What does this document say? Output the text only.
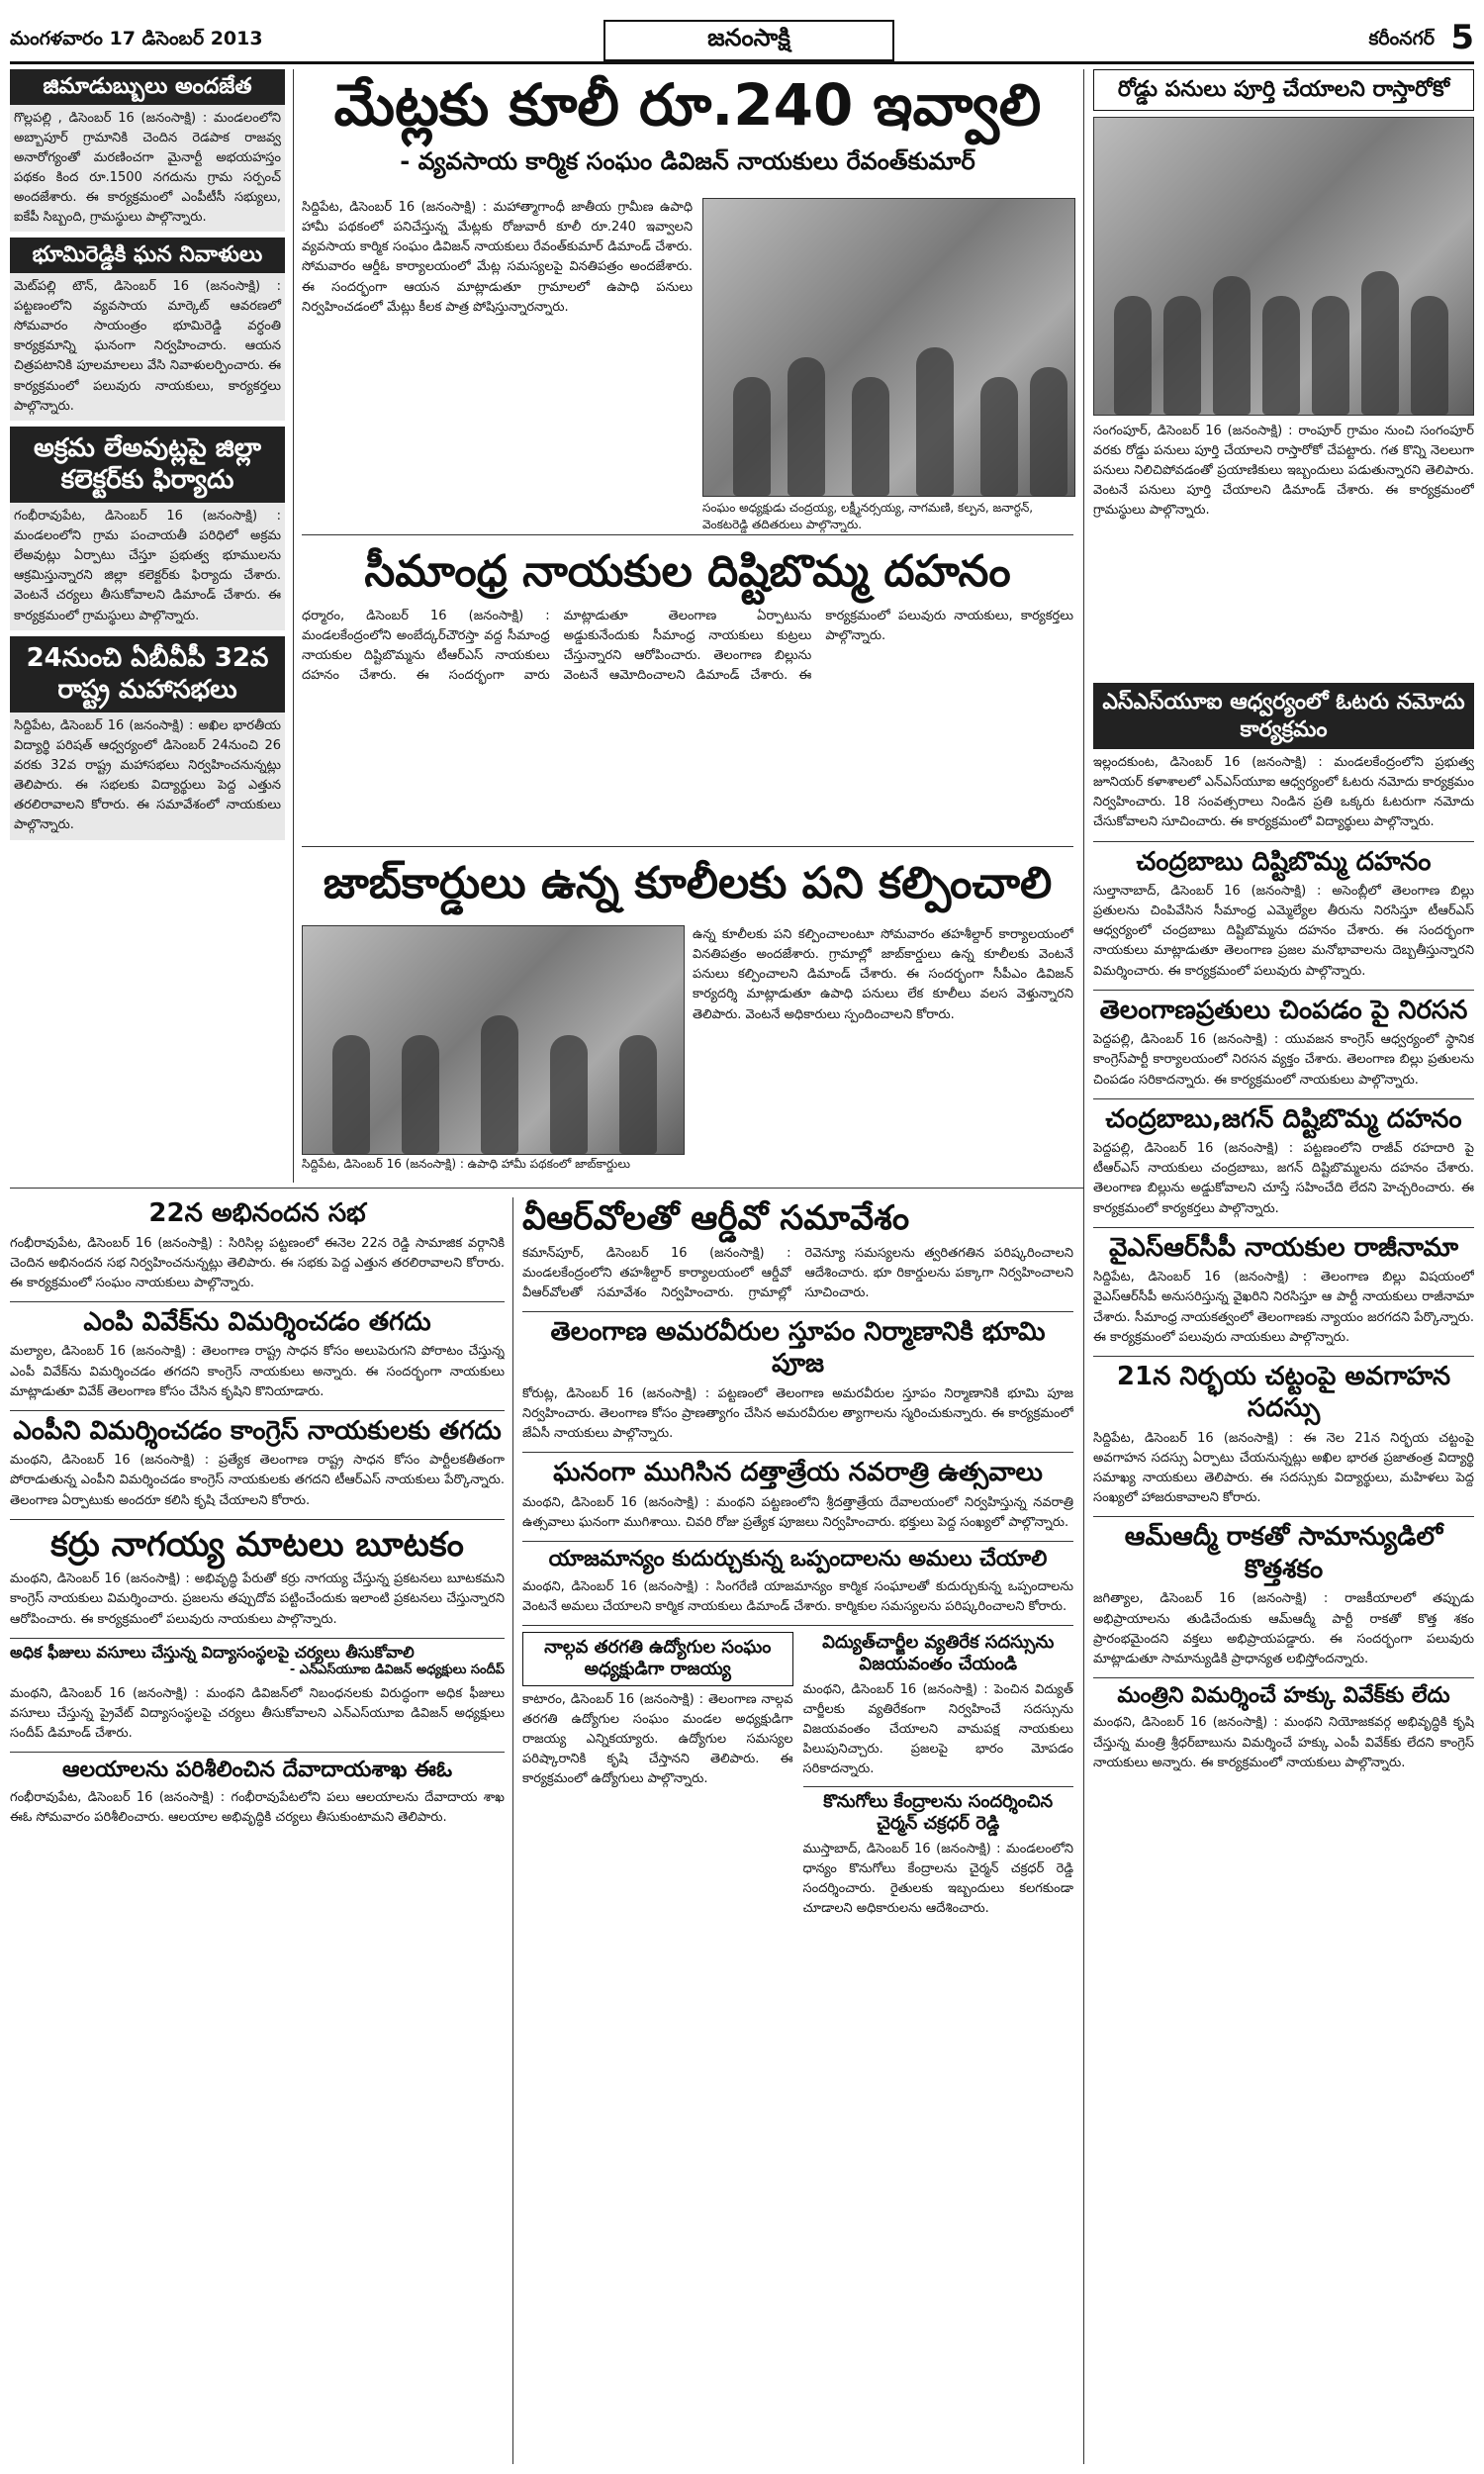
మంగళవారం 17 డిసెంబర్ 2013	జనంసాక్షి	కరీంనగర్ 5
జిమాడుబ్బులు అందజేత
గొల్లపల్లి , డిసెంబర్ 16 (జనంసాక్షి) : మండలంలోని అబ్బాపూర్ గ్రామానికి చెందిన రెడపాక రాజవ్వ అనారోగ్యంతో మరణించగా మైనార్టీ అభయహస్తం పథకం కింద రూ.1500 నగదును గ్రామ సర్పంచ్ అందజేశారు. ఈ కార్యక్రమంలో ఎంపీటీసీ సభ్యులు, ఐకేపీ సిబ్బంది, గ్రామస్థులు పాల్గొన్నారు.
భూమిరెడ్డికి ఘన నివాళులు
మెట్‌పల్లి టౌన్, డిసెంబర్ 16 (జనంసాక్షి) : పట్టణంలోని వ్యవసాయ మార్కెట్ ఆవరణలో సోమవారం సాయంత్రం భూమిరెడ్డి వర్ధంతి కార్యక్రమాన్ని ఘనంగా నిర్వహించారు. ఆయన చిత్రపటానికి పూలమాలలు వేసి నివాళులర్పించారు. ఈ కార్యక్రమంలో పలువురు నాయకులు, కార్యకర్తలు పాల్గొన్నారు.
అక్రమ లేఅవుట్లపై జిల్లా కలెక్టర్‌కు ఫిర్యాదు
గంభీరావుపేట, డిసెంబర్ 16 (జనంసాక్షి) : మండలంలోని గ్రామ పంచాయతీ పరిధిలో అక్రమ లేఅవుట్లు ఏర్పాటు చేస్తూ ప్రభుత్వ భూములను ఆక్రమిస్తున్నారని జిల్లా కలెక్టర్‌కు ఫిర్యాదు చేశారు. వెంటనే చర్యలు తీసుకోవాలని డిమాండ్ చేశారు. ఈ కార్యక్రమంలో గ్రామస్థులు పాల్గొన్నారు.
24నుంచి ఏబీవీపీ 32వ రాష్ట్ర మహాసభలు
సిద్దిపేట, డిసెంబర్ 16 (జనంసాక్షి) : అఖిల భారతీయ విద్యార్థి పరిషత్ ఆధ్వర్యంలో డిసెంబర్ 24నుంచి 26 వరకు 32వ రాష్ట్ర మహాసభలు నిర్వహించనున్నట్లు తెలిపారు. ఈ సభలకు విద్యార్థులు పెద్ద ఎత్తున తరలిరావాలని కోరారు. ఈ సమావేశంలో నాయకులు పాల్గొన్నారు.
మేట్లకు కూలీ రూ.240 ఇవ్వాలి
- వ్యవసాయ కార్మిక సంఘం డివిజన్ నాయకులు రేవంత్‌కుమార్
సిద్దిపేట, డిసెంబర్ 16 (జనంసాక్షి) : మహాత్మాగాంధీ జాతీయ గ్రామీణ ఉపాధి హామీ పథకంలో పనిచేస్తున్న మేట్లకు రోజువారీ కూలీ రూ.240 ఇవ్వాలని వ్యవసాయ కార్మిక సంఘం డివిజన్ నాయకులు రేవంత్‌కుమార్ డిమాండ్ చేశారు. సోమవారం ఆర్డీఓ కార్యాలయంలో మేట్ల సమస్యలపై వినతిపత్రం అందజేశారు. ఈ సందర్భంగా ఆయన మాట్లాడుతూ గ్రామాలలో ఉపాధి పనులు నిర్వహించడంలో మేట్లు కీలక పాత్ర పోషిస్తున్నారన్నారు.
సంఘం అధ్యక్షుడు చంద్రయ్య, లక్ష్మీనర్సయ్య, నాగమణి, కల్పన, జనార్ధన్, వెంకటరెడ్డి తదితరులు పాల్గొన్నారు.
రోడ్డు పనులు పూర్తి చేయాలని రాస్తారోకో
సంగంపూర్, డిసెంబర్ 16 (జనంసాక్షి) : రాంపూర్ గ్రామం నుంచి సంగంపూర్ వరకు రోడ్డు పనులు పూర్తి చేయాలని రాస్తారోకో చేపట్టారు. గత కొన్ని నెలలుగా పనులు నిలిచిపోవడంతో ప్రయాణికులు ఇబ్బందులు పడుతున్నారని తెలిపారు. వెంటనే పనులు పూర్తి చేయాలని డిమాండ్ చేశారు. ఈ కార్యక్రమంలో గ్రామస్థులు పాల్గొన్నారు.
సీమాంధ్ర నాయకుల దిష్టిబొమ్మ దహనం
ధర్మారం, డిసెంబర్ 16 (జనంసాక్షి) : మండలకేంద్రంలోని అంబేద్కర్‌చౌరస్తా వద్ద సీమాంధ్ర నాయకుల దిష్టిబొమ్మను టీఆర్‌ఎస్ నాయకులు దహనం చేశారు. ఈ సందర్భంగా వారు మాట్లాడుతూ తెలంగాణ ఏర్పాటును అడ్డుకునేందుకు సీమాంధ్ర నాయకులు కుట్రలు చేస్తున్నారని ఆరోపించారు. తెలంగాణ బిల్లును వెంటనే ఆమోదించాలని డిమాండ్ చేశారు. ఈ కార్యక్రమంలో పలువురు నాయకులు, కార్యకర్తలు పాల్గొన్నారు.
జాబ్‌కార్డులు ఉన్న కూలీలకు పని కల్పించాలి
సిద్దిపేట, డిసెంబర్ 16 (జనంసాక్షి) : ఉపాధి హామీ పథకంలో జాబ్‌కార్డులు
ఉన్న కూలీలకు పని కల్పించాలంటూ సోమవారం తహశీల్దార్ కార్యాలయంలో వినతిపత్రం అందజేశారు. గ్రామాల్లో జాబ్‌కార్డులు ఉన్న కూలీలకు వెంటనే పనులు కల్పించాలని డిమాండ్ చేశారు. ఈ సందర్భంగా సీపీఎం డివిజన్ కార్యదర్శి మాట్లాడుతూ ఉపాధి పనులు లేక కూలీలు వలస వెళ్తున్నారని తెలిపారు. వెంటనే అధికారులు స్పందించాలని కోరారు.
ఎస్ఎస్‌యూఐ ఆధ్వర్యంలో ఓటరు నమోదు కార్యక్రమం
ఇల్లందకుంట, డిసెంబర్ 16 (జనంసాక్షి) : మండలకేంద్రంలోని ప్రభుత్వ జూనియర్ కళాశాలలో ఎన్ఎస్‌యూఐ ఆధ్వర్యంలో ఓటరు నమోదు కార్యక్రమం నిర్వహించారు. 18 సంవత్సరాలు నిండిన ప్రతి ఒక్కరు ఓటరుగా నమోదు చేసుకోవాలని సూచించారు. ఈ కార్యక్రమంలో విద్యార్థులు పాల్గొన్నారు.
చంద్రబాబు దిష్టిబొమ్మ దహనం
సుల్తానాబాద్, డిసెంబర్ 16 (జనంసాక్షి) : అసెంబ్లీలో తెలంగాణ బిల్లు ప్రతులను చింపివేసిన సీమాంధ్ర ఎమ్మెల్యేల తీరును నిరసిస్తూ టీఆర్‌ఎస్ ఆధ్వర్యంలో చంద్రబాబు దిష్టిబొమ్మను దహనం చేశారు. ఈ సందర్భంగా నాయకులు మాట్లాడుతూ తెలంగాణ ప్రజల మనోభావాలను దెబ్బతీస్తున్నారని విమర్శించారు. ఈ కార్యక్రమంలో పలువురు పాల్గొన్నారు.
తెలంగాణప్రతులు చింపడం పై నిరసన
పెద్దపల్లి, డిసెంబర్ 16 (జనంసాక్షి) : యువజన కాంగ్రెస్ ఆధ్వర్యంలో స్థానిక కాంగ్రెస్‌పార్టీ కార్యాలయంలో నిరసన వ్యక్తం చేశారు. తెలంగాణ బిల్లు ప్రతులను చింపడం సరికాదన్నారు. ఈ కార్యక్రమంలో నాయకులు పాల్గొన్నారు.
చంద్రబాబు,జగన్ దిష్టిబొమ్మ దహనం
పెద్దపల్లి, డిసెంబర్ 16 (జనంసాక్షి) : పట్టణంలోని రాజీవ్ రహదారి పై టీఆర్‌ఎస్ నాయకులు చంద్రబాబు, జగన్ దిష్టిబొమ్మలను దహనం చేశారు. తెలంగాణ బిల్లును అడ్డుకోవాలని చూస్తే సహించేది లేదని హెచ్చరించారు. ఈ కార్యక్రమంలో కార్యకర్తలు పాల్గొన్నారు.
వైఎస్ఆర్‌సీపీ నాయకుల రాజీనామా
సిద్దిపేట, డిసెంబర్ 16 (జనంసాక్షి) : తెలంగాణ బిల్లు విషయంలో వైఎస్ఆర్‌సీపీ అనుసరిస్తున్న వైఖరిని నిరసిస్తూ ఆ పార్టీ నాయకులు రాజీనామా చేశారు. సీమాంధ్ర నాయకత్వంలో తెలంగాణకు న్యాయం జరగదని పేర్కొన్నారు. ఈ కార్యక్రమంలో పలువురు నాయకులు పాల్గొన్నారు.
21న నిర్భయ చట్టంపై అవగాహన సదస్సు
సిద్దిపేట, డిసెంబర్ 16 (జనంసాక్షి) : ఈ నెల 21న నిర్భయ చట్టంపై అవగాహన సదస్సు ఏర్పాటు చేయనున్నట్లు అఖిల భారత ప్రజాతంత్ర విద్యార్థి సమాఖ్య నాయకులు తెలిపారు. ఈ సదస్సుకు విద్యార్థులు, మహిళలు పెద్ద సంఖ్యలో హాజరుకావాలని కోరారు.
ఆమ్‌ఆద్మీ రాకతో సామాన్యుడిలో కొత్తశకం
జగిత్యాల, డిసెంబర్ 16 (జనంసాక్షి) : రాజకీయాలలో తప్పుడు అభిప్రాయాలను తుడిచేందుకు ఆమ్‌ఆద్మీ పార్టీ రాకతో కొత్త శకం ప్రారంభమైందని వక్తలు అభిప్రాయపడ్డారు. ఈ సందర్భంగా పలువురు మాట్లాడుతూ సామాన్యుడికి ప్రాధాన్యత లభిస్తోందన్నారు.
మంత్రిని విమర్శించే హక్కు వివేక్‌కు లేదు
మంథని, డిసెంబర్ 16 (జనంసాక్షి) : మంథని నియోజకవర్గ అభివృద్ధికి కృషి చేస్తున్న మంత్రి శ్రీధర్‌బాబును విమర్శించే హక్కు ఎంపీ వివేక్‌కు లేదని కాంగ్రెస్ నాయకులు అన్నారు. ఈ కార్యక్రమంలో నాయకులు పాల్గొన్నారు.
22న అభినందన సభ
గంభీరావుపేట, డిసెంబర్ 16 (జనంసాక్షి) : సిరిసిల్ల పట్టణంలో ఈనెల 22న రెడ్డి సామాజిక వర్గానికి చెందిన అభినందన సభ నిర్వహించనున్నట్లు తెలిపారు. ఈ సభకు పెద్ద ఎత్తున తరలిరావాలని కోరారు. ఈ కార్యక్రమంలో సంఘం నాయకులు పాల్గొన్నారు.
ఎంపి వివేక్‌ను విమర్శించడం తగదు
మల్యాల, డిసెంబర్ 16 (జనంసాక్షి) : తెలంగాణ రాష్ట్ర సాధన కోసం అలుపెరుగని పోరాటం చేస్తున్న ఎంపీ వివేక్‌ను విమర్శించడం తగదని కాంగ్రెస్ నాయకులు అన్నారు. ఈ సందర్భంగా నాయకులు మాట్లాడుతూ వివేక్ తెలంగాణ కోసం చేసిన కృషిని కొనియాడారు.
ఎంపీని విమర్శించడం కాంగ్రెస్ నాయకులకు తగదు
మంథని, డిసెంబర్ 16 (జనంసాక్షి) : ప్రత్యేక తెలంగాణ రాష్ట్ర సాధన కోసం పార్టీలకతీతంగా పోరాడుతున్న ఎంపీని విమర్శించడం కాంగ్రెస్ నాయకులకు తగదని టీఆర్‌ఎస్ నాయకులు పేర్కొన్నారు. తెలంగాణ ఏర్పాటుకు అందరూ కలిసి కృషి చేయాలని కోరారు.
కర్రు నాగయ్య మాటలు బూటకం
మంథని, డిసెంబర్ 16 (జనంసాక్షి) : అభివృద్ధి పేరుతో కర్రు నాగయ్య చేస్తున్న ప్రకటనలు బూటకమని కాంగ్రెస్ నాయకులు విమర్శించారు. ప్రజలను తప్పుదోవ పట్టించేందుకు ఇలాంటి ప్రకటనలు చేస్తున్నారని ఆరోపించారు. ఈ కార్యక్రమంలో పలువురు నాయకులు పాల్గొన్నారు.
అధిక ఫీజులు వసూలు చేస్తున్న విద్యాసంస్థలపై చర్యలు తీసుకోవాలి
- ఎన్‌ఎస్‌యూఐ డివిజన్ అధ్యక్షులు సందీప్
మంథని, డిసెంబర్ 16 (జనంసాక్షి) : మంథని డివిజన్‌లో నిబంధనలకు విరుద్ధంగా అధిక ఫీజులు వసూలు చేస్తున్న ప్రైవేట్ విద్యాసంస్థలపై చర్యలు తీసుకోవాలని ఎన్‌ఎస్‌యూఐ డివిజన్ అధ్యక్షులు సందీప్ డిమాండ్ చేశారు.
ఆలయాలను పరిశీలించిన దేవాదాయశాఖ ఈఓ
గంభీరావుపేట, డిసెంబర్ 16 (జనంసాక్షి) : గంభీరావుపేటలోని పలు ఆలయాలను దేవాదాయ శాఖ ఈఓ సోమవారం పరిశీలించారు. ఆలయాల అభివృద్ధికి చర్యలు తీసుకుంటామని తెలిపారు.
వీఆర్‌వోలతో ఆర్డీవో సమావేశం
కమాన్‌పూర్, డిసెంబర్ 16 (జనంసాక్షి) : మండలకేంద్రంలోని తహశీల్దార్ కార్యాలయంలో ఆర్డీవో వీఆర్‌వోలతో సమావేశం నిర్వహించారు. గ్రామాల్లో రెవెన్యూ సమస్యలను త్వరితగతిన పరిష్కరించాలని ఆదేశించారు. భూ రికార్డులను పక్కాగా నిర్వహించాలని సూచించారు.
తెలంగాణ అమరవీరుల స్తూపం నిర్మాణానికి భూమి పూజ
కోరుట్ల, డిసెంబర్ 16 (జనంసాక్షి) : పట్టణంలో తెలంగాణ అమరవీరుల స్తూపం నిర్మాణానికి భూమి పూజ నిర్వహించారు. తెలంగాణ కోసం ప్రాణత్యాగం చేసిన అమరవీరుల త్యాగాలను స్మరించుకున్నారు. ఈ కార్యక్రమంలో జేఏసీ నాయకులు పాల్గొన్నారు.
ఘనంగా ముగిసిన దత్తాత్రేయ నవరాత్రి ఉత్సవాలు
మంథని, డిసెంబర్ 16 (జనంసాక్షి) : మంథని పట్టణంలోని శ్రీదత్తాత్రేయ దేవాలయంలో నిర్వహిస్తున్న నవరాత్రి ఉత్సవాలు ఘనంగా ముగిశాయి. చివరి రోజు ప్రత్యేక పూజలు నిర్వహించారు. భక్తులు పెద్ద సంఖ్యలో పాల్గొన్నారు.
యాజమాన్యం కుదుర్చుకున్న ఒప్పందాలను అమలు చేయాలి
మంథని, డిసెంబర్ 16 (జనంసాక్షి) : సింగరేణి యాజమాన్యం కార్మిక సంఘాలతో కుదుర్చుకున్న ఒప్పందాలను వెంటనే అమలు చేయాలని కార్మిక నాయకులు డిమాండ్ చేశారు. కార్మికుల సమస్యలను పరిష్కరించాలని కోరారు.
నాల్గవ తరగతి ఉద్యోగుల సంఘం అధ్యక్షుడిగా రాజయ్య
కాటారం, డిసెంబర్ 16 (జనంసాక్షి) : తెలంగాణ నాల్గవ తరగతి ఉద్యోగుల సంఘం మండల అధ్యక్షుడిగా రాజయ్య ఎన్నికయ్యారు. ఉద్యోగుల సమస్యల పరిష్కారానికి కృషి చేస్తానని తెలిపారు. ఈ కార్యక్రమంలో ఉద్యోగులు పాల్గొన్నారు.
విద్యుత్‌చార్జీల వ్యతిరేక సదస్సును విజయవంతం చేయండి
మంథని, డిసెంబర్ 16 (జనంసాక్షి) : పెంచిన విద్యుత్ చార్జీలకు వ్యతిరేకంగా నిర్వహించే సదస్సును విజయవంతం చేయాలని వామపక్ష నాయకులు పిలుపునిచ్చారు. ప్రజలపై భారం మోపడం సరికాదన్నారు.
కొనుగోలు కేంద్రాలను సందర్శించిన చైర్మన్ చక్రధర్ రెడ్డి
ముస్తాబాద్, డిసెంబర్ 16 (జనంసాక్షి) : మండలంలోని ధాన్యం కొనుగోలు కేంద్రాలను చైర్మన్ చక్రధర్ రెడ్డి సందర్శించారు. రైతులకు ఇబ్బందులు కలగకుండా చూడాలని అధికారులను ఆదేశించారు.
